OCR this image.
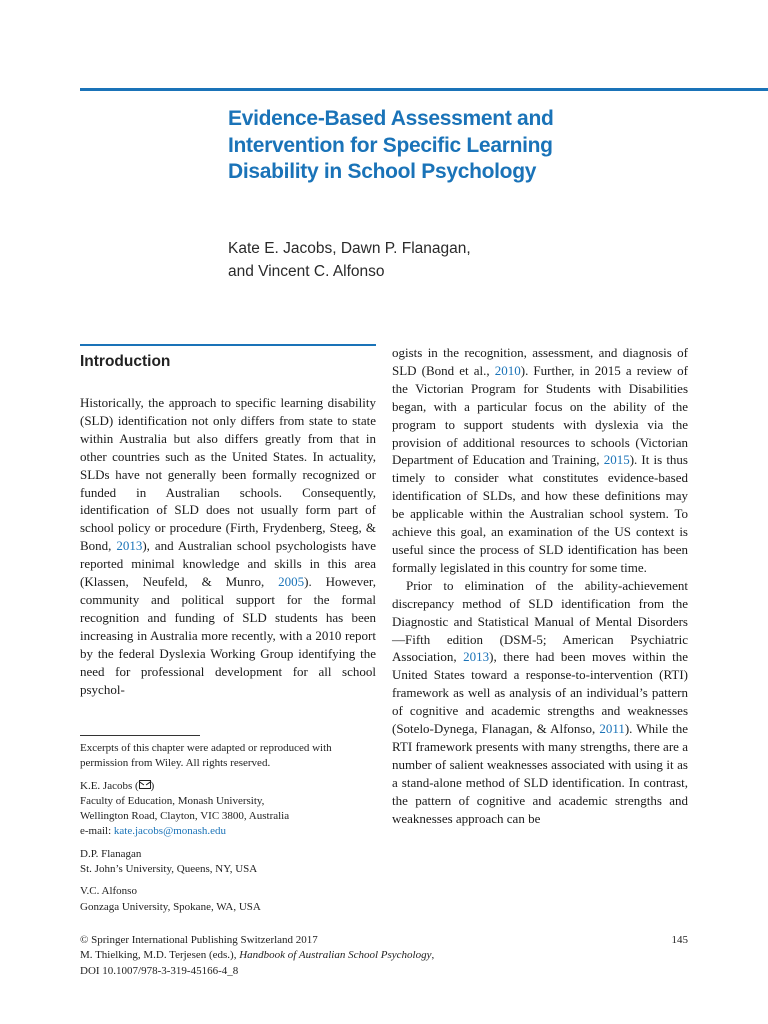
Evidence-Based Assessment and Intervention for Specific Learning Disability in School Psychology
Kate E. Jacobs, Dawn P. Flanagan,
and Vincent C. Alfonso
Introduction

Historically, the approach to specific learning disability (SLD) identification not only differs from state to state within Australia but also differs greatly from that in other countries such as the United States. In actuality, SLDs have not generally been formally recognized or funded in Australian schools. Consequently, identification of SLD does not usually form part of school policy or procedure (Firth, Frydenberg, Steeg, & Bond, 2013), and Australian school psychologists have reported minimal knowledge and skills in this area (Klassen, Neufeld, & Munro, 2005). However, community and political support for the formal recognition and funding of SLD students has been increasing in Australia more recently, with a 2010 report by the federal Dyslexia Working Group identifying the need for professional development for all school psychol-

ogists in the recognition, assessment, and diagnosis of SLD (Bond et al., 2010). Further, in 2015 a review of the Victorian Program for Students with Disabilities began, with a particular focus on the ability of the program to support students with dyslexia via the provision of additional resources to schools (Victorian Department of Education and Training, 2015). It is thus timely to consider what constitutes evidence-based identification of SLDs, and how these definitions may be applicable within the Australian school system. To achieve this goal, an examination of the US context is useful since the process of SLD identification has been formally legislated in this country for some time.

Prior to elimination of the ability-achievement discrepancy method of SLD identification from the Diagnostic and Statistical Manual of Mental Disorders—Fifth edition (DSM-5; American Psychiatric Association, 2013), there had been moves within the United States toward a response-to-intervention (RTI) framework as well as analysis of an individual’s pattern of cognitive and academic strengths and weaknesses (Sotelo-Dynega, Flanagan, & Alfonso, 2011). While the RTI framework presents with many strengths, there are a number of salient weaknesses associated with using it as a stand-alone method of SLD identification. In contrast, the pattern of cognitive and academic strengths and weaknesses approach can be

Excerpts of this chapter were adapted or reproduced with
permission from Wiley. All rights reserved.

K.E. Jacobs ( )
Faculty of Education, Monash University,
Wellington Road, Clayton, VIC 3800, Australia
e-mail: kate.jacobs@monash.edu

D.P. Flanagan
St. John’s University, Queens, NY, USA

V.C. Alfonso
Gonzaga University, Spokane, WA, USA

145
© Springer International Publishing Switzerland 2017
M. Thielking, M.D. Terjesen (eds.), Handbook of Australian School Psychology,
DOI 10.1007/978-3-319-45166-4_8
